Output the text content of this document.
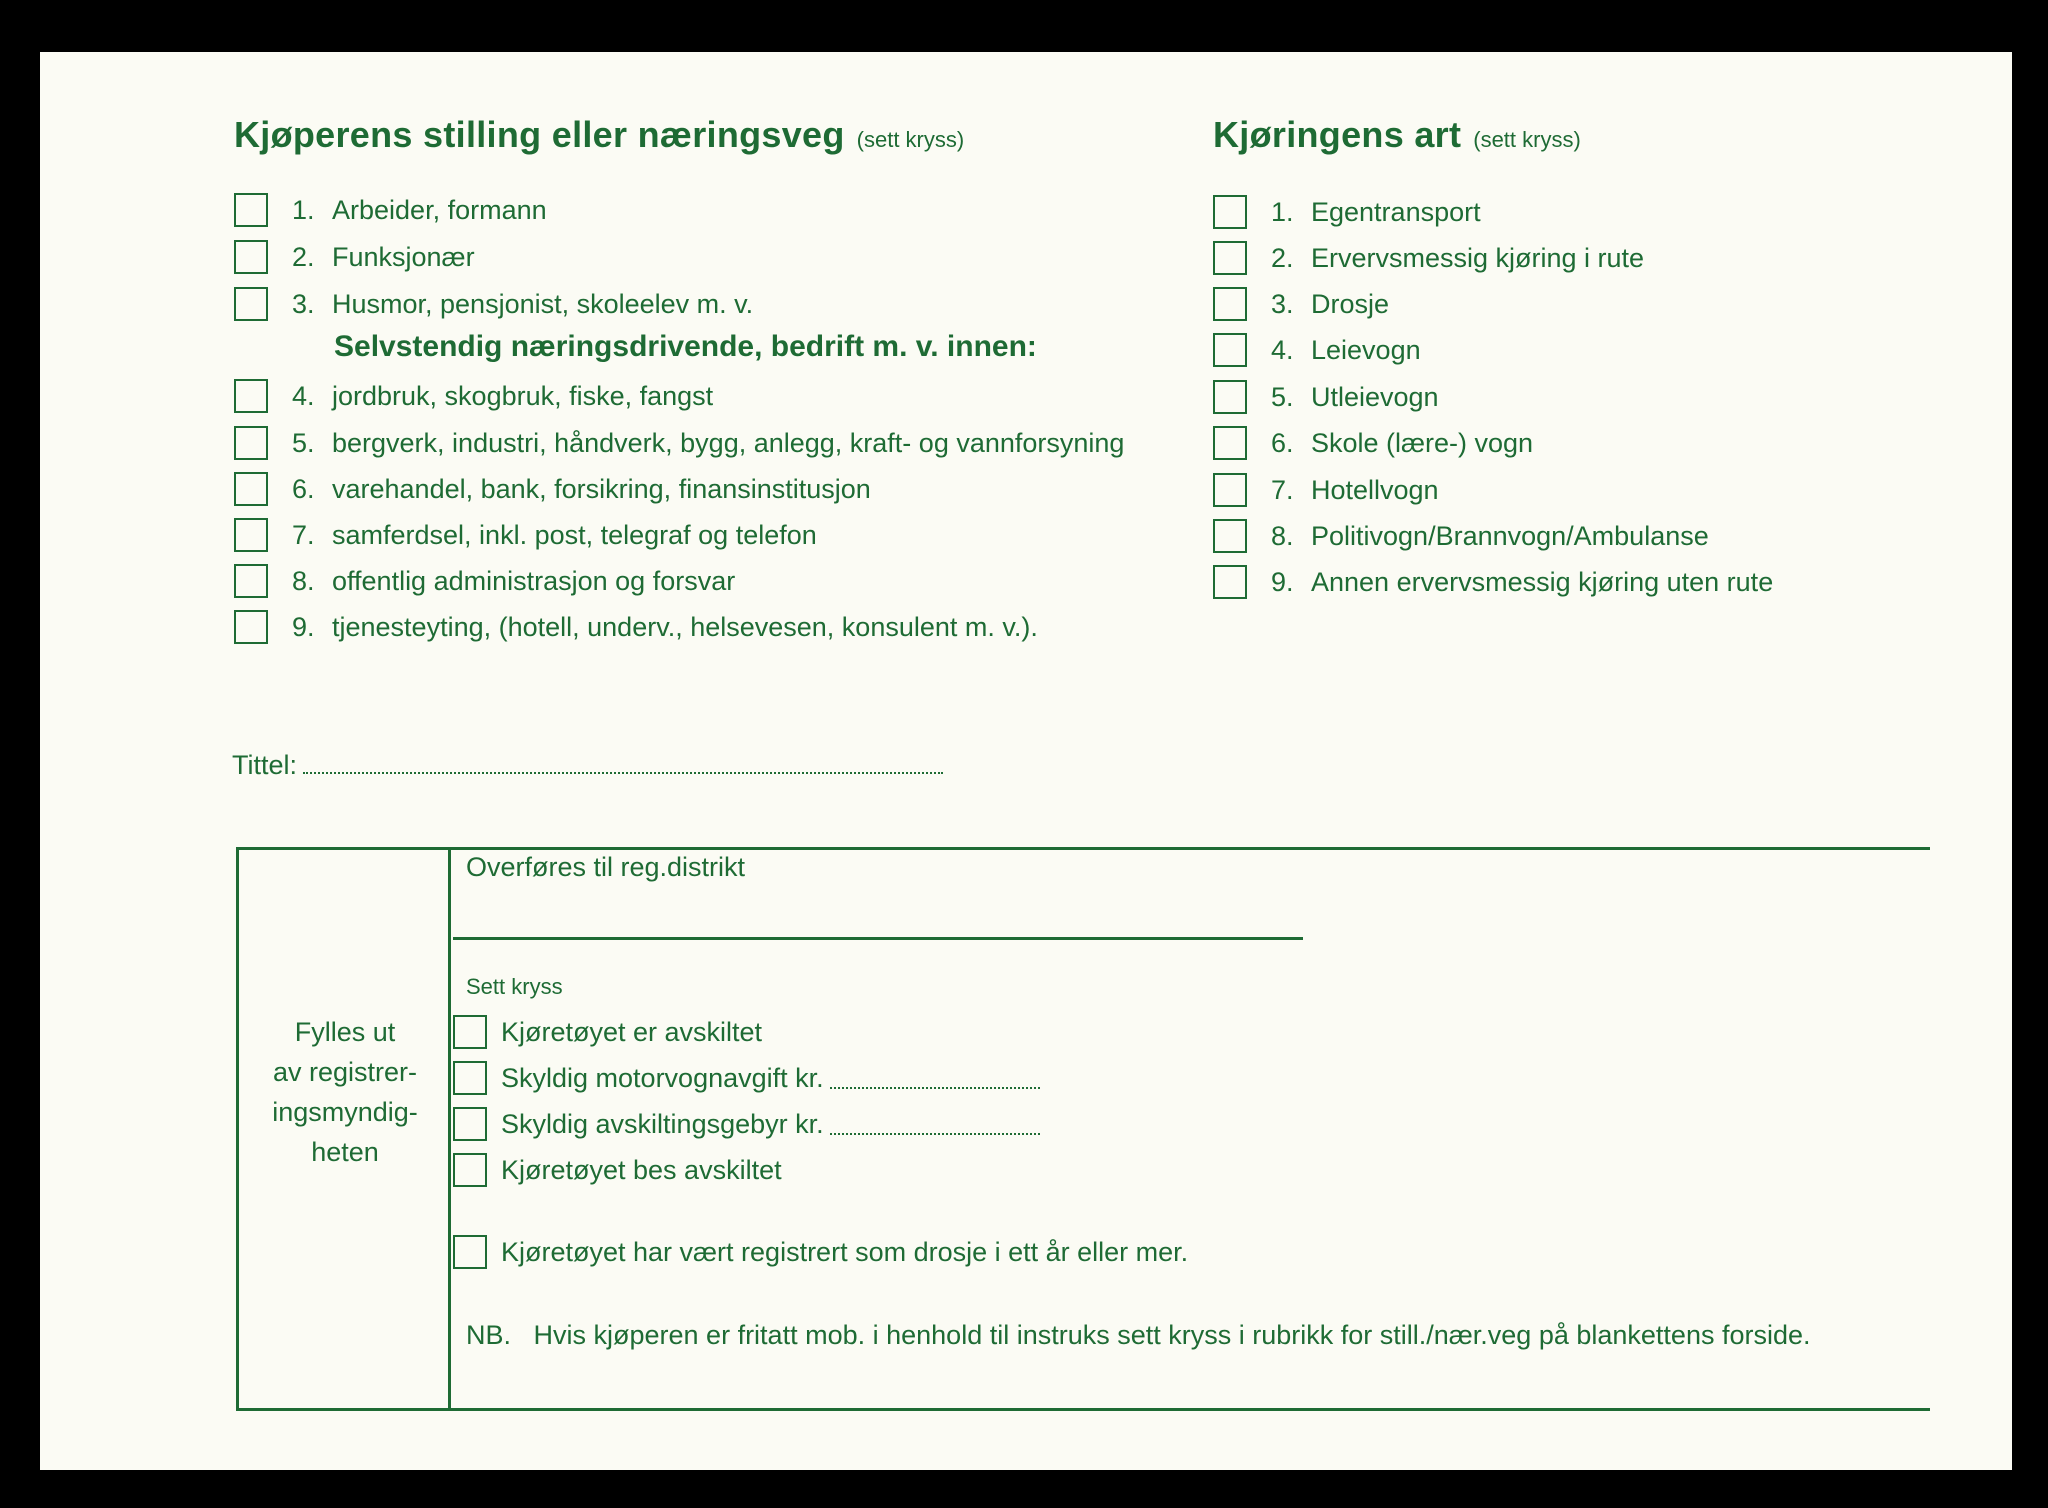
Kjøperens stilling eller næringsveg (sett kryss)
1. Arbeider, formann
2. Funksjonær
3. Husmor, pensjonist, skoleelev m. v.
Selvstendig næringsdrivende, bedrift m. v. innen:
4. jordbruk, skogbruk, fiske, fangst
5. bergverk, industri, håndverk, bygg, anlegg, kraft- og vannforsyning
6. varehandel, bank, forsikring, finansinstitusjon
7. samferdsel, inkl. post, telegraf og telefon
8. offentlig administrasjon og forsvar
9. tjenesteyting, (hotell, underv., helsevesen, konsulent m. v.).
Kjøringens art (sett kryss)
1. Egentransport
2. Ervervsmessig kjøring i rute
3. Drosje
4. Leievogn
5. Utleievogn
6. Skole (lære-) vogn
7. Hotellvogn
8. Politivogn/Brannvogn/Ambulanse
9. Annen ervervsmessig kjøring uten rute
Tittel:
Fylles ut
av registrer-
ingsmyndig-
heten
Overføres til reg.distrikt
Sett kryss
Kjøretøyet er avskiltet
Skyldig motorvognavgift kr.
Skyldig avskiltingsgebyr kr.
Kjøretøyet bes avskiltet
Kjøretøyet har vært registrert som drosje i ett år eller mer.
NB.   Hvis kjøperen er fritatt mob. i henhold til instruks sett kryss i rubrikk for still./nær.veg på blankettens forside.
